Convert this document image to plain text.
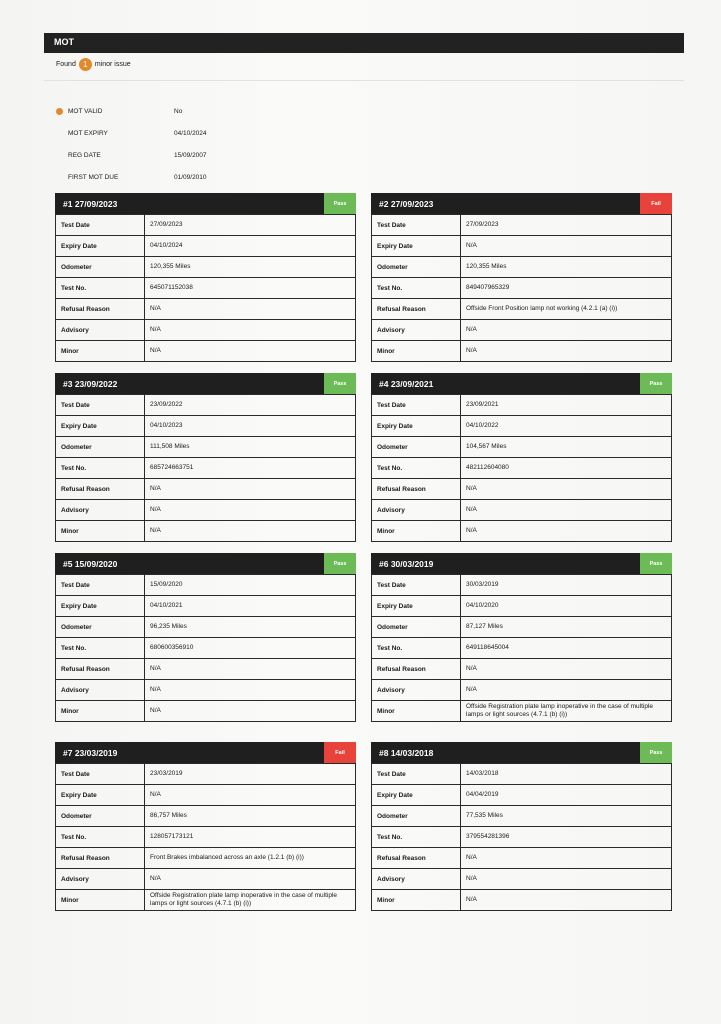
MOT
Found 1	minor issue
MOT VALID	No
MOT EXPIRY	04/10/2024
REG DATE	15/09/2007
FIRST MOT DUE	01/09/2010
#1 27/09/2023	Pass
Test Date	27/09/2023
Expiry Date	04/10/2024
Odometer	120,355 Miles
Test No.	645071152038
Refusal Reason	N/A
Advisory	N/A
Minor	N/A
#2 27/09/2023	Fail
Test Date	27/09/2023
Expiry Date	N/A
Odometer	120,355 Miles
Test No.	849407965329
Refusal Reason	Offside Front Position lamp not working (4.2.1 (a) (i))
Advisory	N/A
Minor	N/A
#3 23/09/2022	Pass
Test Date	23/09/2022
Expiry Date	04/10/2023
Odometer	111,508 Miles
Test No.	685724663751
Refusal Reason	N/A
Advisory	N/A
Minor	N/A
#4 23/09/2021	Pass
Test Date	23/09/2021
Expiry Date	04/10/2022
Odometer	104,567 Miles
Test No.	482112604080
Refusal Reason	N/A
Advisory	N/A
Minor	N/A
#5 15/09/2020	Pass
Test Date	15/09/2020
Expiry Date	04/10/2021
Odometer	96,235 Miles
Test No.	680600356910
Refusal Reason	N/A
Advisory	N/A
Minor	N/A
#6 30/03/2019	Pass
Test Date	30/03/2019
Expiry Date	04/10/2020
Odometer	87,127 Miles
Test No.	649118645004
Refusal Reason	N/A
Advisory	N/A
Minor	Offside Registration plate lamp inoperative in the case of multiple lamps or light sources (4.7.1 (b) (i))
#7 23/03/2019	Fail
Test Date	23/03/2019
Expiry Date	N/A
Odometer	86,757 Miles
Test No.	128057173121
Refusal Reason	Front Brakes imbalanced across an axle (1.2.1 (b) (i))
Advisory	N/A
Minor	Offside Registration plate lamp inoperative in the case of multiple lamps or light sources (4.7.1 (b) (i))
#8 14/03/2018	Pass
Test Date	14/03/2018
Expiry Date	04/04/2019
Odometer	77,535 Miles
Test No.	379554281396
Refusal Reason	N/A
Advisory	N/A
Minor	N/A
